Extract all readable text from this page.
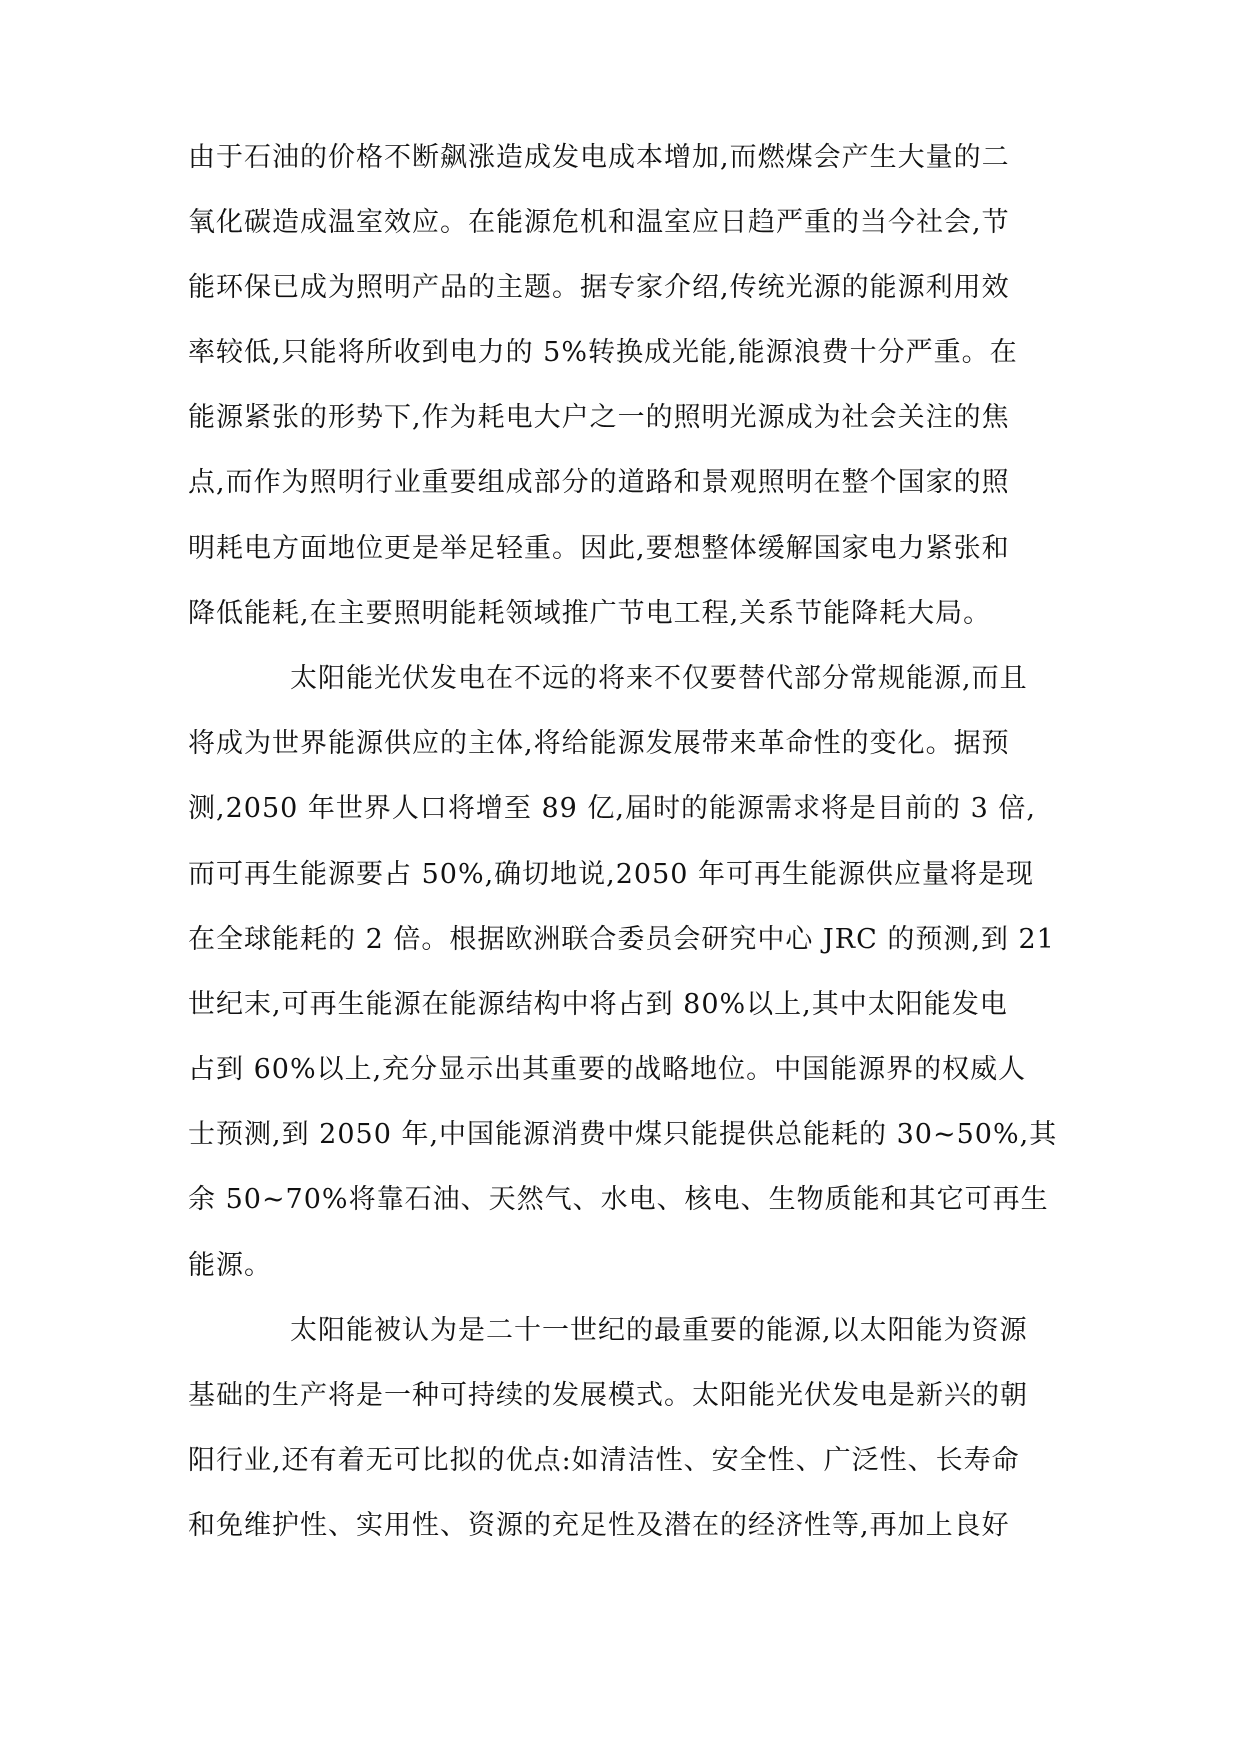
由于石油的价格不断飙涨造成发电成本增加,而燃煤会产生大量的二
氧化碳造成温室效应。在能源危机和温室应日趋严重的当今社会,节
能环保已成为照明产品的主题。据专家介绍,传统光源的能源利用效
率较低,只能将所收到电力的 5%转换成光能,能源浪费十分严重。在
能源紧张的形势下,作为耗电大户之一的照明光源成为社会关注的焦
点,而作为照明行业重要组成部分的道路和景观照明在整个国家的照
明耗电方面地位更是举足轻重。因此,要想整体缓解国家电力紧张和
降低能耗,在主要照明能耗领域推广节电工程,关系节能降耗大局。
太阳能光伏发电在不远的将来不仅要替代部分常规能源,而且
将成为世界能源供应的主体,将给能源发展带来革命性的变化。据预
测,2050 年世界人口将增至 89 亿,届时的能源需求将是目前的 3 倍,
而可再生能源要占 50%,确切地说,2050 年可再生能源供应量将是现
在全球能耗的 2 倍。根据欧洲联合委员会研究中心 JRC 的预测,到 21
世纪末,可再生能源在能源结构中将占到 80%以上,其中太阳能发电
占到 60%以上,充分显示出其重要的战略地位。中国能源界的权威人
士预测,到 2050 年,中国能源消费中煤只能提供总能耗的 30~50%,其
余 50~70%将靠石油、天然气、水电、核电、生物质能和其它可再生
能源。
太阳能被认为是二十一世纪的最重要的能源,以太阳能为资源
基础的生产将是一种可持续的发展模式。太阳能光伏发电是新兴的朝
阳行业,还有着无可比拟的优点:如清洁性、安全性、广泛性、长寿命
和免维护性、实用性、资源的充足性及潜在的经济性等,再加上良好
